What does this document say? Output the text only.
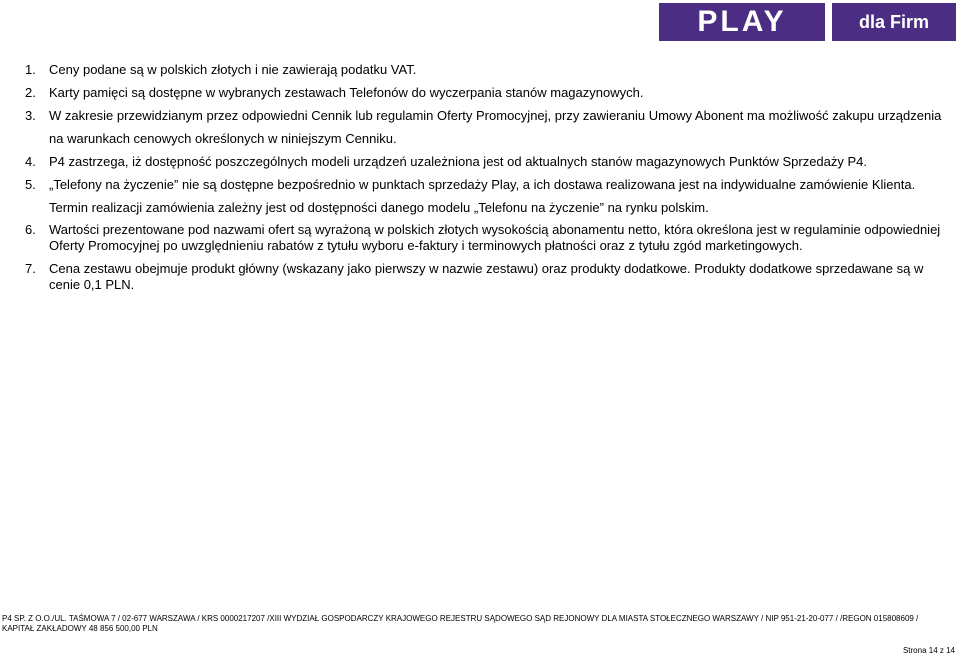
PLAY	dla Firm
1. Ceny podane są w polskich złotych i nie zawierają podatku VAT.
2. Karty pamięci są dostępne w wybranych zestawach Telefonów do wyczerpania stanów magazynowych.
3. W zakresie przewidzianym przez odpowiedni Cennik lub regulamin Oferty Promocyjnej, przy zawieraniu Umowy Abonent ma możliwość zakupu urządzenia na warunkach cenowych określonych w niniejszym Cenniku.
4. P4 zastrzega, iż dostępność poszczególnych modeli urządzeń uzależniona jest od aktualnych stanów magazynowych Punktów Sprzedaży P4.
5. „Telefony na życzenie” nie są dostępne bezpośrednio w punktach sprzedaży Play, a ich dostawa realizowana jest na indywidualne zamówienie Klienta. Termin realizacji zamówienia zależny jest od dostępności danego modelu „Telefonu na życzenie” na rynku polskim.
6. Wartości prezentowane pod nazwami ofert są wyrażoną w polskich złotych wysokością abonamentu netto, która określona jest w regulaminie odpowiedniej Oferty Promocyjnej po uwzględnieniu rabatów z tytułu wyboru e-faktury i terminowych płatności oraz z tytułu zgód marketingowych.
7. Cena zestawu obejmuje produkt główny (wskazany jako pierwszy w nazwie zestawu) oraz produkty dodatkowe. Produkty dodatkowe sprzedawane są w cenie 0,1 PLN.
P4 SP. Z O.O./UL. TAŚMOWA 7 / 02-677 WARSZAWA / KRS 0000217207 /XIII WYDZIAŁ GOSPODARCZY KRAJOWEGO REJESTRU SĄDOWEGO SĄD REJONOWY DLA MIASTA STOŁECZNEGO WARSZAWY / NIP 951-21-20-077 / /REGON 015808609 / KAPITAŁ ZAKŁADOWY 48 856 500,00 PLN
Strona 14 z 14
